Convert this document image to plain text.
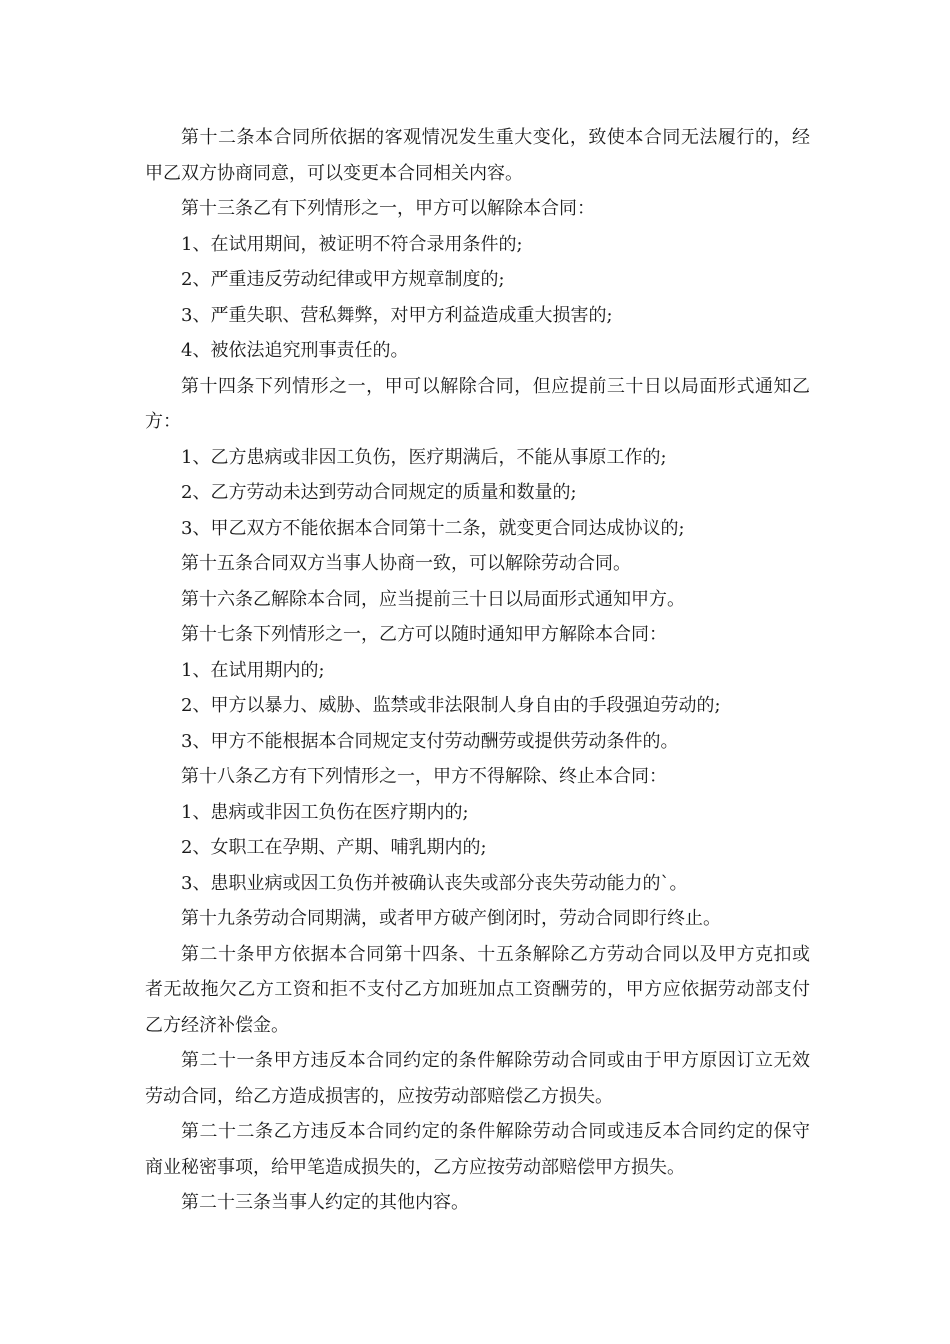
第十二条本合同所依据的客观情况发生重大变化，致使本合同无法履行的，经甲乙双方协商同意，可以变更本合同相关内容。

第十三条乙有下列情形之一，甲方可以解除本合同：

1、在试用期间，被证明不符合录用条件的;

2、严重违反劳动纪律或甲方规章制度的;

3、严重失职、营私舞弊，对甲方利益造成重大损害的;

4、被依法追究刑事责任的。

第十四条下列情形之一，甲可以解除合同，但应提前三十日以局面形式通知乙方：

1、乙方患病或非因工负伤，医疗期满后，不能从事原工作的;

2、乙方劳动未达到劳动合同规定的质量和数量的;

3、甲乙双方不能依据本合同第十二条，就变更合同达成协议的;

第十五条合同双方当事人协商一致，可以解除劳动合同。

第十六条乙解除本合同，应当提前三十日以局面形式通知甲方。

第十七条下列情形之一，乙方可以随时通知甲方解除本合同：

1、在试用期内的;

2、甲方以暴力、威胁、监禁或非法限制人身自由的手段强迫劳动的;

3、甲方不能根据本合同规定支付劳动酬劳或提供劳动条件的。

第十八条乙方有下列情形之一，甲方不得解除、终止本合同：

1、患病或非因工负伤在医疗期内的;

2、女职工在孕期、产期、哺乳期内的;

3、患职业病或因工负伤并被确认丧失或部分丧失劳动能力的`。

第十九条劳动合同期满，或者甲方破产倒闭时，劳动合同即行终止。

第二十条甲方依据本合同第十四条、十五条解除乙方劳动合同以及甲方克扣或者无故拖欠乙方工资和拒不支付乙方加班加点工资酬劳的，甲方应依据劳动部支付乙方经济补偿金。

第二十一条甲方违反本合同约定的条件解除劳动合同或由于甲方原因订立无效劳动合同，给乙方造成损害的，应按劳动部赔偿乙方损失。

第二十二条乙方违反本合同约定的条件解除劳动合同或违反本合同约定的保守商业秘密事项，给甲笔造成损失的，乙方应按劳动部赔偿甲方损失。

第二十三条当事人约定的其他内容。
